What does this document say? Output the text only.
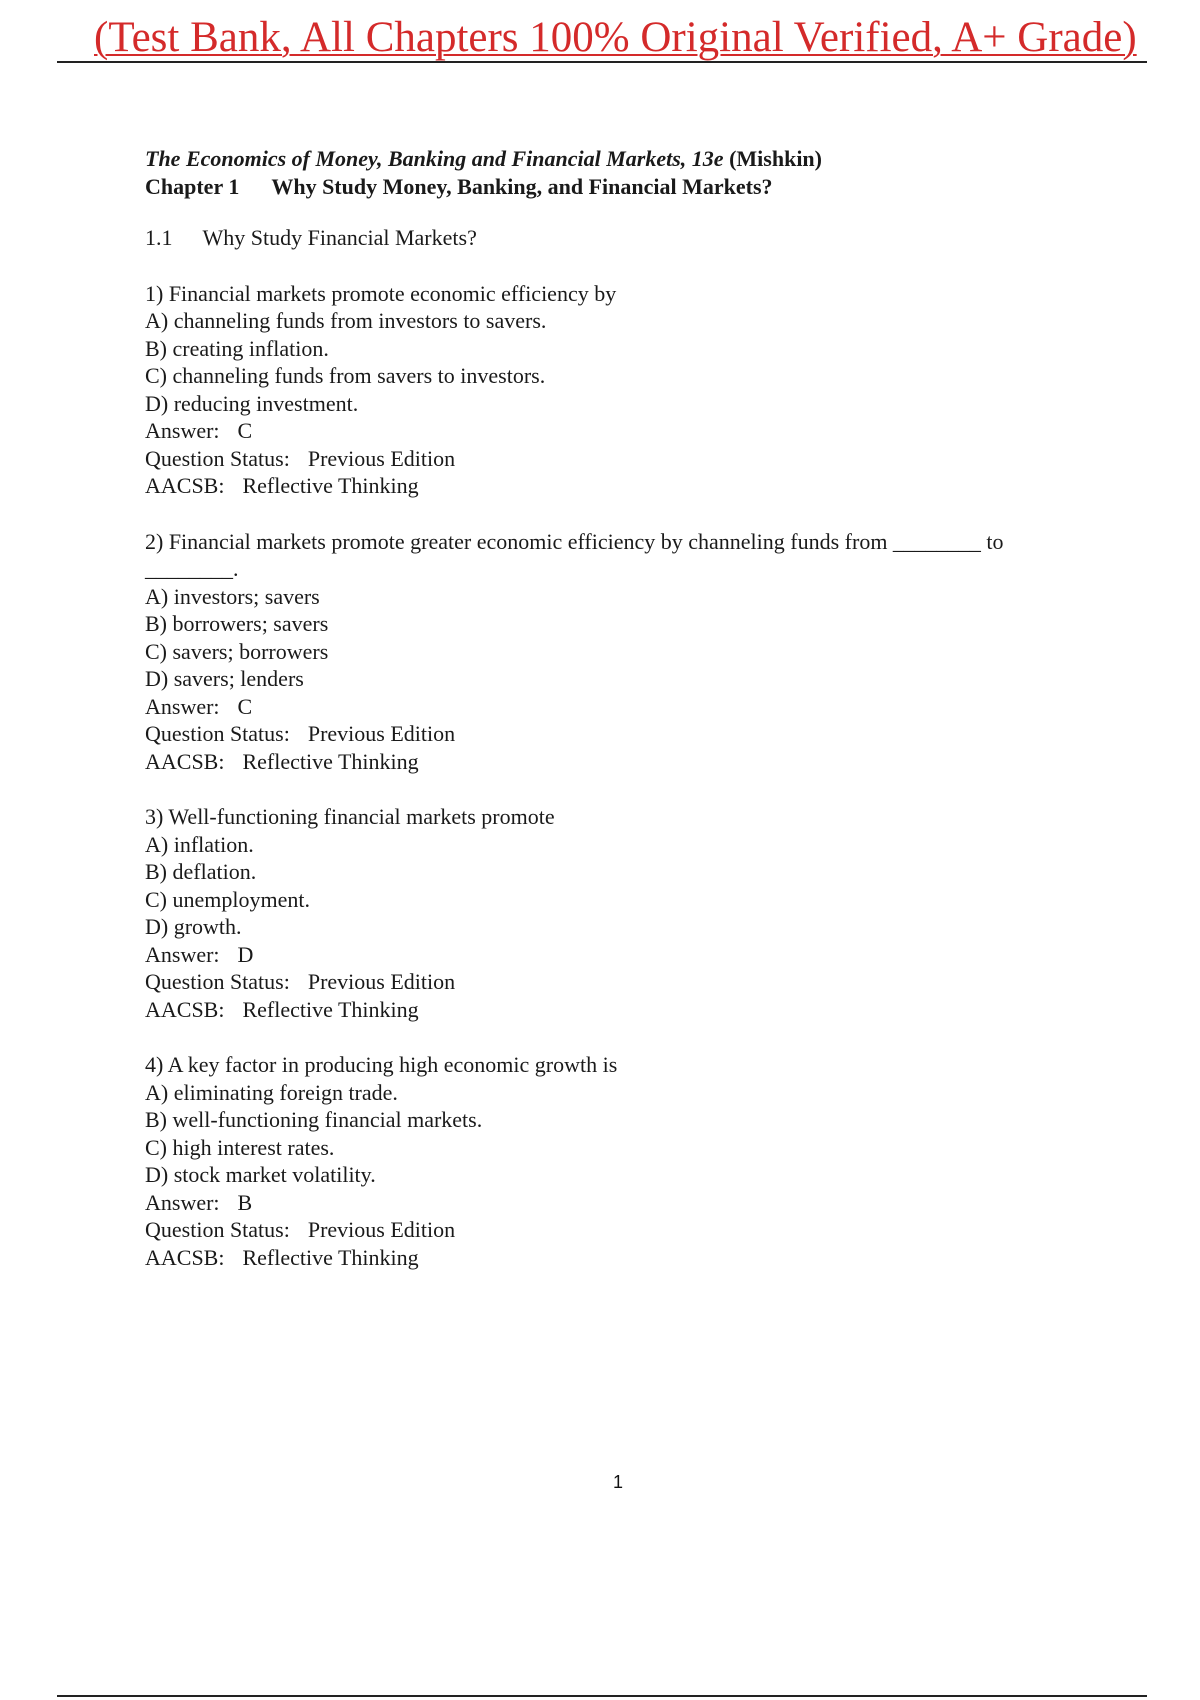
(Test Bank, All Chapters 100% Original Verified, A+ Grade)
The Economics of Money, Banking and Financial Markets, 13e (Mishkin)
Chapter 1 Why Study Money, Banking, and Financial Markets?
1.1 Why Study Financial Markets?
1) Financial markets promote economic efficiency by
A) channeling funds from investors to savers.
B) creating inflation.
C) channeling funds from savers to investors.
D) reducing investment.
Answer: C
Question Status: Previous Edition
AACSB: Reflective Thinking
2) Financial markets promote greater economic efficiency by channeling funds from ________ to ________.
A) investors; savers
B) borrowers; savers
C) savers; borrowers
D) savers; lenders
Answer: C
Question Status: Previous Edition
AACSB: Reflective Thinking
3) Well-functioning financial markets promote
A) inflation.
B) deflation.
C) unemployment.
D) growth.
Answer: D
Question Status: Previous Edition
AACSB: Reflective Thinking
4) A key factor in producing high economic growth is
A) eliminating foreign trade.
B) well-functioning financial markets.
C) high interest rates.
D) stock market volatility.
Answer: B
Question Status: Previous Edition
AACSB: Reflective Thinking
1
